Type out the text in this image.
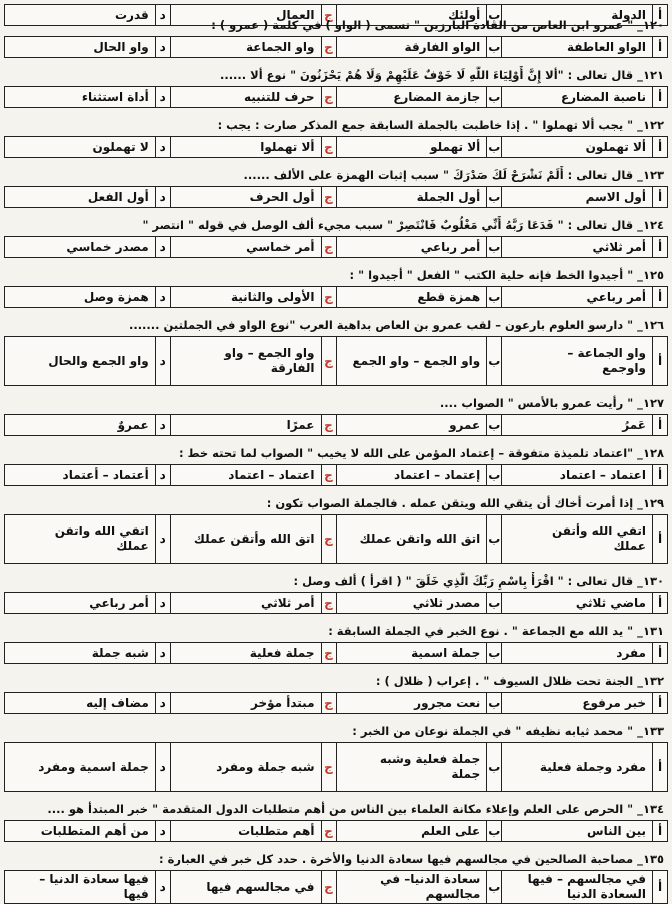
أ
الدولة
ب
أولئك
ج
العمال
د
قدرت
١٢٠_ " عمرو ابن العاص من القادة البارزين " تسمى ( الواو ) في كلمة ( عمرو ) :
أ
الواو العاطفة
ب
الواو الفارقة
ج
واو الجماعة
د
واو الحال
١٢١_ قال تعالى : "ألا إِنَّ أَوْلِيَاءَ اللَّهِ لَا خَوْفٌ عَلَيْهِمْ وَلَا هُمْ يَحْزَنُونَ " نوع ألا ......
أ
ناصبة المضارع
ب
جازمة المضارع
ج
حرف للتنبيه
د
أداة استثناء
١٢٢_ " يجب ألا تهملوا " . إذا خاطبت بالجملة السابقة جمع المذكر صارت : يجب :
أ
ألا تهملون
ب
ألا تهملو
ج
ألا تهملوا
د
لا تهملون
١٢٣_ قال تعالى : أَلَمْ نَشْرَحْ لَكَ صَدْرَكَ " سبب إثبات الهمزة على الألف ......
أ
أول الاسم
ب
أول الجملة
ج
أول الحرف
د
أول الفعل
١٢٤_ قال تعالى : " فَدَعَا رَبَّهُ أَنِّي مَغْلُوبٌ فَانْتَصِرْ " سبب مجيء ألف الوصل في قوله " انتصر "
أ
أمر ثلاثي
ب
أمر رباعي
ج
أمر خماسي
د
مصدر خماسي
١٢٥_ " أجيدوا الخط فإنه حلية الكتب " الفعل " أجيدوا " :
أ
أمر رباعي
ب
همزة قطع
ج
الأولى والثانية
د
همزة وصل
١٢٦_ " دارسو العلوم بارعون – لقب عمرو بن العاص بداهية العرب "نوع الواو في الجملتين .......
أ
واو الجماعة –
واوجمع
ب
واو الجمع – واو الجمع
ج
واو الجمع – واو
الفارقة
د
واو الجمع والحال
١٢٧_ " رأيت عمرو بالأمس " الصواب ....
أ
عَمرُ
ب
عمرو
ج
عمرًا
د
عمروٌ
١٢٨_ "اعتماد تلميذة متفوقة – إعتماد المؤمن على الله لا يخيب " الصواب لما تحته خط :
أ
اعتماد – اعتماد
ب
إعتماد – اعتماد
ج
اعتماد – اعتماد
د
أعتماد – أعتماد
١٢٩_ إذا أمرت أخاك أن يتقي الله ويتقن عمله . فالجملة الصواب تكون :
أ
اتقي الله وأتقن
عملك
ب
اتق الله واتقن عملك
ج
اتق الله وأتقن عملك
د
اتقي الله واتقن
عملك
١٣٠_ قال تعالى : " اقْرَأْ بِاسْمِ رَبِّكَ الَّذِي خَلَقَ " ( اقرأ ) ألف وصل :
أ
ماضي ثلاثي
ب
مصدر ثلاثي
ج
أمر ثلاثي
د
أمر رباعي
١٣١_ " يد الله مع الجماعة " . نوع الخبر في الجملة السابقة :
أ
مفرد
ب
جملة اسمية
ج
جملة فعلية
د
شبه جملة
١٣٢_ الجنة تحت ظلال السيوف " . إعراب ( ظلال ) :
أ
خبر مرفوع
ب
نعت مجرور
ج
مبتدأ مؤخر
د
مضاف إليه
١٣٣_ " محمد ثيابه نظيفه " في الجملة نوعان من الخبر :
أ
مفرد وجملة فعلية
ب
جملة فعلية وشبه
جملة
ج
شبه جملة ومفرد
د
جملة اسمية ومفرد
١٣٤_ " الحرص على العلم وإعلاء مكانة العلماء بين الناس من أهم متطلبات الدول المتقدمة " خبر المبتدأ هو ....
أ
بين الناس
ب
على العلم
ج
أهم متطلبات
د
من أهم المتطلبات
١٣٥_ مصاحبة الصالحين في مجالسهم فيها سعادة الدنيا والأخرة . حدد كل خبر في العبارة :
أ
في مجالسهم – فيها
السعادة الدنيا
ب
سعادة الدنيا– في
مجالسهم
ج
في مجالسهم فيها
د
فيها سعادة الدنيا –
فيها
